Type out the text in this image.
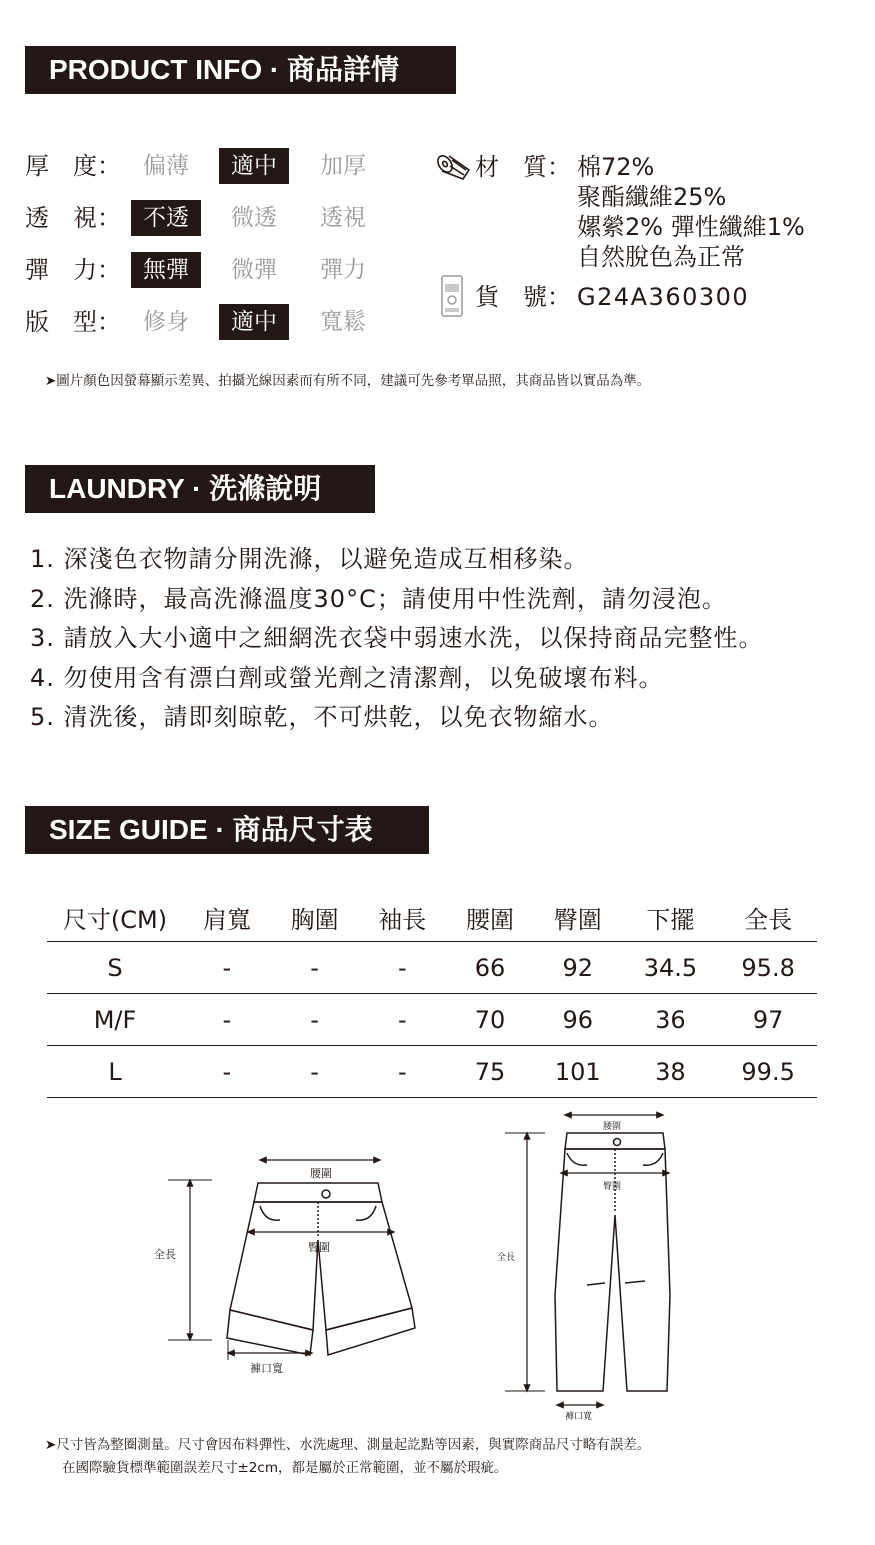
PRODUCT INFO · 商品詳情
厚　度： 偏薄	適中	加厚
透　視： 不透	微透	透視
彈　力： 無彈	微彈	彈力
版　型： 修身	適中	寬鬆
材　質： 棉72%
聚酯纖維25%
嫘縈2% 彈性纖維1%
自然脫色為正常
貨　號： G24A360300
➤圖片顏色因螢幕顯示差異、拍攝光線因素而有所不同，建議可先參考單品照，其商品皆以實品為準。
LAUNDRY · 洗滌說明
1. 深淺色衣物請分開洗滌，以避免造成互相移染。
2. 洗滌時，最高洗滌溫度30°C；請使用中性洗劑，請勿浸泡。
3. 請放入大小適中之細網洗衣袋中弱速水洗，以保持商品完整性。
4. 勿使用含有漂白劑或螢光劑之清潔劑，以免破壞布料。
5. 清洗後，請即刻晾乾，不可烘乾，以免衣物縮水。
SIZE GUIDE · 商品尺寸表
尺寸(CM)	肩寬	胸圍	袖長	腰圍	臀圍	下擺	全長
S	-	-	-	66	92	34.5	95.8
M/F	-	-	-	70	96	36	97
L	-	-	-	75	101	38	99.5
腰圍
臀圍
全長
褲口寬
腰圍
臀圍
全長
褲口寬
➤尺寸皆為整圈測量。尺寸會因布料彈性、水洗處理、測量起訖點等因素，與實際商品尺寸略有誤差。
在國際驗貨標準範圍誤差尺寸±2cm，都是屬於正常範圍，並不屬於瑕疵。
